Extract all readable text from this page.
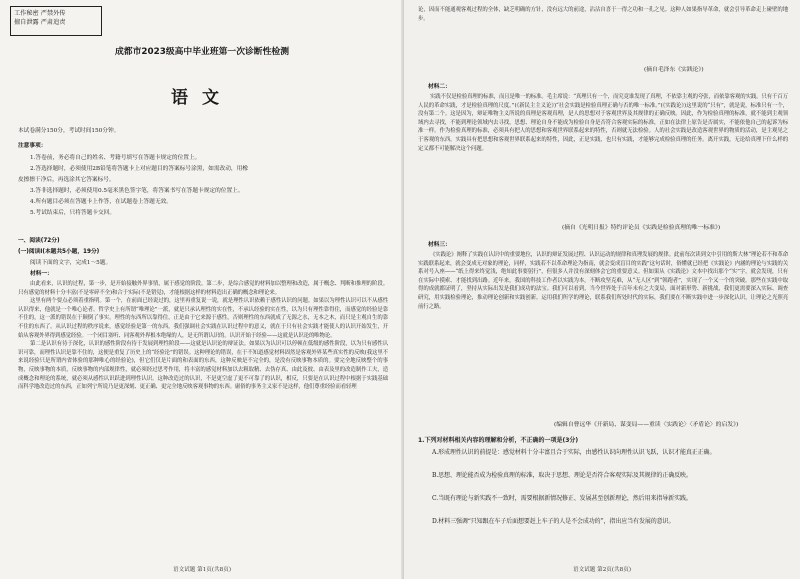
工作秘密 严禁外传
擅自泄露 严肃追责
成都市2023级高中毕业班第一次诊断性检测
语文
本试卷满分150分，考试时间150分钟。
注意事项：
1.答卷前，务必将自己的姓名、考籍号填写在答题卡规定的位置上。
2.答选择题时，必须使用2B铅笔将答题卡上对应题目的答案标号涂黑，如需改动，用橡
皮擦擦干净后，再选涂其它答案标号。
3.答非选择题时，必须使用0.5毫米黑色签字笔，将答案书写在答题卡规定的位置上。
4.所有题目必须在答题卡上作答，在试题卷上答题无效。
5.考试结束后，只将答题卡交回。
一、阅读(72分)
(一)阅读Ⅰ(本题共5小题，19分)
阅读下面的文字，完成1～5题。
材料一：

由此看来，认识的过程，第一步，是开始接触外界事情，属于感觉的阶段。第二步，是综合感觉的材料加以整理和改造，属于概念、判断和推理的阶段。只有感觉的材料十分丰富(不是零碎不全)和合于实际(不是错觉)，才能根据这样的材料造出正确的概念和理论来。

这里有两个要点必须着重指明。第一个，在前面已经说过的，这里再重复说一说，就是理性认识依赖于感性认识的问题。如果以为理性认识可以不从感性认识得来，他就是一个唯心论者。哲学史上有所谓“唯理论”一派，就是只承认理性的实在性，不承认经验的实在性，以为只有理性靠得住，而感觉的经验是靠不住的，这一派的错误在于颠倒了事实。理性的东西所以靠得住，正是由于它来源于感性，否则理性的东西就成了无源之水，无本之木，而只是主观自生的靠不住的东西了。从认识过程的秩序说来，感觉经验是第一的东西，我们强调社会实践在认识过程中的意义，就在于只有社会实践才能使人的认识开始发生，开始从客观外界得到感觉经验。一个闭目塞听、同客观外界根本绝缘的人，是无所谓认识的。认识开始于经验——这就是认识论的唯物论。

第二是认识有待于深化，认识的感性阶段有待于发展到理性阶段——这就是认识论的辩证法。如果以为认识可以停顿在低级的感性阶段，以为只有感性认识可靠，而理性认识是靠不住的，这便是重复了历史上的“经验论”的错误。这种理论的错误，在于不知道感觉材料固然是客观外界某些真实性的反映(我这里不来说经验只是所谓内省体验的那种唯心的经验论)，但它们仅是片面的和表面的东西，这种反映是不完全的，是没有反映事物本质的。要完全地反映整个的事物，反映事物的本质，反映事物的内部规律性，就必须经过思考作用，将丰富的感觉材料加以去粗取精、去伪存真、由此及彼、由表及里的改造制作工夫，造成概念和理论的系统，就必须从感性认识跃进到理性认识。这种改造过的认识，不是更空虚了更不可靠了的认识，相反，只要是在认识过程中根据于实践基础而科学地改造过的东西，正如列宁所说乃是更深刻、更正确、更完全地反映客观事物的东西。庸俗的事务主义家不是这样，他们尊重经验而看轻理

语文试题 第1页(共8页)

论，因而不能通观客观过程的全体，缺乏明确的方针，没有远大的前途，沾沾自喜于一得之功和一孔之见。这种人如果指导革命，就会引导革命走上碰壁的地步。

(摘自毛泽东《实践论》)
材料二：

实践不仅是检验真理的标准，而且是唯一的标准。毛主席说：“真理只有一个，而究竟谁发现了真理，不依靠主观的夸张，而依靠客观的实践。只有千百万人民的革命实践，才是检验真理的尺度。”(《新民主主义论》)“社会实践是检验真理正确与否的唯一标准。”(《实践论》)这里说的“只有”，就是说，标准只有一个，没有第二个。这是因为，辩证唯物主义所说的真理是客观真理，是人的思想对于客观世界及其规律的正确反映。因此，作为检验真理的标准，就不能到主观领域内去寻找，不能到理论领域内去寻找，思想、理论自身不能成为检验自身是否符合客观实际的标准，正如在法律上原告是否属实，不能依他自己的起诉为标准一样。作为检验真理的标准，必须具有把人的思想和客观世界联系起来的特性，否则就无法检验。人的社会实践是改造客观世界的物质的活动，是主观见之于客观的东西。实践具有把思想和客观世界联系起来的特性，因此，正是实践，也只有实践，才能够完成检验真理的任务。离开实践，无论给真理下什么样的定义都不可能解决这个问题。

(摘自《光明日报》特约评论员《实践是检验真理的唯一标准》)
材料三：

《实践论》阐释了实践在认识中的重要地位，认识的辩证发展过程、认识运动的规律和真理发展的规律。此前每次读到文中引用的斯大林“理论若不和革命实践联系起来，就会变成无对象的理论，同样，实践若不以革命理论为指南，就会变成盲目的实践”这句话时，俗懂就已经把《实践论》内涵的理论与实践的关系对号入座——“纸上得来终觉浅，绝知此事要躬行”，但很多人并没有深刻体会它的重要意义。但如果从《实践论》文本中找出那个“实”字，就会发现，只有在实际中摸索、才能找到出路。近年来，我国的科技工作者以实践为本，不断攻坚克难，从“无人区”到“领跑者”，实现了一个又一个的突破。那些在实践中取得的成就都证明了，坚持从实际出发是我们成功的法宝。我们可以看到，当今世界处于百年未有之大变局，面对新形势、新挑战，我们更需要深入实际、调查研究，用实践检验理论，推动理论创新和实践创新。运用我们所学的理论，联系我们所处时代的实际，我们要在不断实践中进一步深化认识，让理论之光照亮前行之路。

(编辑自曹远华《开新局、谋变局——重读〈实践论〉〈矛盾论〉的启发》)
1.下列对材料相关内容的理解和分析，不正确的一项是(3分)
A.形成理性认识的前提是：感觉材料十分丰富且合于实际，由感性认识向理性认识飞跃，认识才能真正正确。
B.思想、理论能否成为检验真理的标准，取决于思想、理论是否符合客观实际及其规律的正确反映。
C.当既有理论与新实践不一致时，需要根据新情况修正、发展甚至创新理论，然后用来指导新实践。
D.材料三强调“只知跟在车子后面想要赶上车子的人是不会成功的”，指出应当有发展的意识。
语文试题 第2页(共8页)
